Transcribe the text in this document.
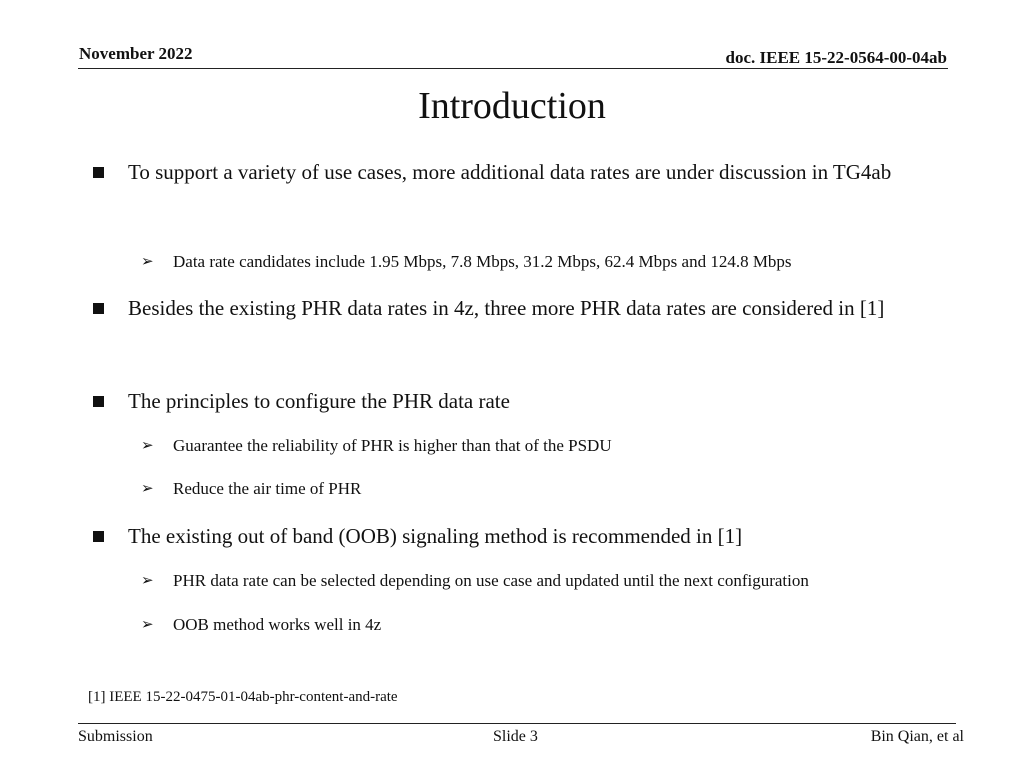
November 2022	doc. IEEE 15-22-0564-00-04ab
Introduction
To support a variety of use cases, more additional data rates are under discussion in TG4ab
➢ Data rate candidates include 1.95 Mbps, 7.8 Mbps, 31.2 Mbps, 62.4 Mbps and 124.8 Mbps
Besides the existing PHR data rates in 4z, three more PHR data rates are considered in [1]
The principles to configure the PHR data rate
➢ Guarantee the reliability of PHR is higher than that of the PSDU
➢ Reduce the air time of PHR
The existing out of band (OOB) signaling method is recommended in [1]
➢ PHR data rate can be selected depending on use case and updated until the next configuration
➢ OOB method works well in 4z
[1] IEEE 15-22-0475-01-04ab-phr-content-and-rate
Submission	Slide 3	Bin Qian, et al
